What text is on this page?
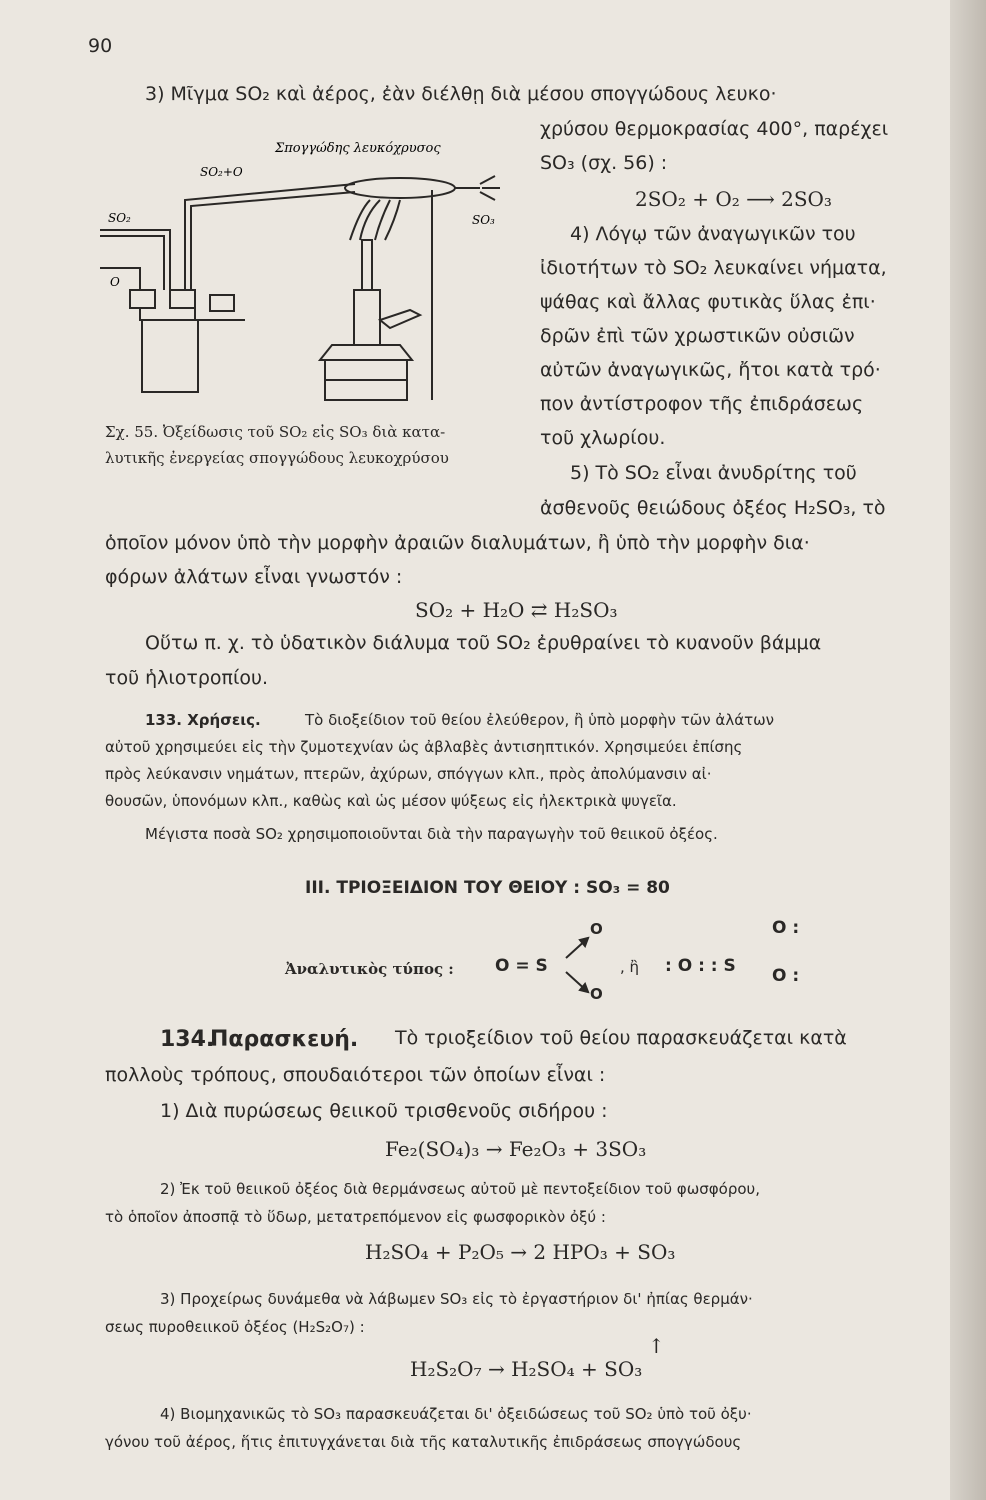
90
3) Μῖγμα SO₂ καὶ ἀέρος, ἐὰν διέλθῃ διὰ μέσου σπογγώδους λευκο·
χρύσου θερμοκρασίας 400°, παρέχει
SO₃ (σχ. 56) :
2SO₂ + O₂ ⟶ 2SO₃
Σπογγώδης λευκόχρυσος
SO₂+O
SO₂
O
SO₃
Σχ. 55. Ὀξείδωσις τοῦ SO₂ εἰς SO₃ διὰ κατα-
λυτικῆς ἐνεργείας σπογγώδους λευκοχρύσου
4) Λόγῳ τῶν ἀναγωγικῶν του
ἰδιοτήτων τὸ SO₂ λευκαίνει νήματα,
ψάθας καὶ ἄλλας φυτικὰς ὕλας ἐπι·
δρῶν ἐπὶ τῶν χρωστικῶν οὐσιῶν
αὐτῶν ἀναγωγικῶς, ἤτοι κατὰ τρό·
πον ἀντίστροφον τῆς ἐπιδράσεως
τοῦ χλωρίου.
5) Τὸ SO₂ εἶναι ἀνυδρίτης τοῦ
ἀσθενοῦς θειώδους ὀξέος H₂SO₃, τὸ
ὁποῖον μόνον ὑπὸ τὴν μορφὴν ἀραιῶν διαλυμάτων, ἢ ὑπὸ τὴν μορφὴν δια·
φόρων ἀλάτων εἶναι γνωστόν :
SO₂ + H₂O ⇄ H₂SO₃
Οὕτω π. χ. τὸ ὑδατικὸν διάλυμα τοῦ SO₂ ἐρυθραίνει τὸ κυανοῦν βάμμα
τοῦ ἡλιοτροπίου.
133. Χρήσεις.	Τὸ διοξείδιον τοῦ θείου ἐλεύθερον, ἢ ὑπὸ μορφὴν τῶν ἀλάτων
αὐτοῦ χρησιμεύει εἰς τὴν ζυμοτεχνίαν ὡς ἀβλαβὲς ἀντισηπτικόν. Χρησιμεύει ἐπίσης
πρὸς λεύκανσιν νημάτων, πτερῶν, ἀχύρων, σπόγγων κλπ., πρὸς ἀπολύμανσιν αἰ·
θουσῶν, ὑπονόμων κλπ., καθὼς καὶ ὡς μέσον ψύξεως εἰς ἠλεκτρικὰ ψυγεῖα.
Μέγιστα ποσὰ SO₂ χρησιμοποιοῦνται διὰ τὴν παραγωγὴν τοῦ θειικοῦ ὀξέος.
III. ΤΡΙΟΞΕΙΔΙΟΝ ΤΟΥ ΘΕΙΟΥ : SO₃ = 80
Ἀναλυτικὸς τύπος : O = S
O
O
, ἢ : O : : S
O :
O :
134.
Παρασκευή. Τὸ τριοξείδιον τοῦ θείου παρασκευάζεται κατὰ
πολλοὺς τρόπους, σπουδαιότεροι τῶν ὁποίων εἶναι :
1) Διὰ πυρώσεως θειικοῦ τρισθενοῦς σιδήρου :
Fe₂(SO₄)₃ → Fe₂O₃ + 3SO₃
2) Ἐκ τοῦ θειικοῦ ὀξέος διὰ θερμάνσεως αὐτοῦ μὲ πεντοξείδιον τοῦ φωσφόρου,
τὸ ὁποῖον ἀποσπᾷ τὸ ὕδωρ, μετατρεπόμενον εἰς φωσφορικὸν ὀξύ :
H₂SO₄ + P₂O₅ → 2 HPO₃ + SO₃
3) Προχείρως δυνάμεθα νὰ λάβωμεν SO₃ εἰς τὸ ἐργαστήριον δι' ἠπίας θερμάν·
σεως πυροθειικοῦ ὀξέος (H₂S₂O₇) :
↑
H₂S₂O₇ → H₂SO₄ + SO₃
4) Βιομηχανικῶς τὸ SO₃ παρασκευάζεται δι' ὀξειδώσεως τοῦ SO₂ ὑπὸ τοῦ ὀξυ·
γόνου τοῦ ἀέρος, ἥτις ἐπιτυγχάνεται διὰ τῆς καταλυτικῆς ἐπιδράσεως σπογγώδους
